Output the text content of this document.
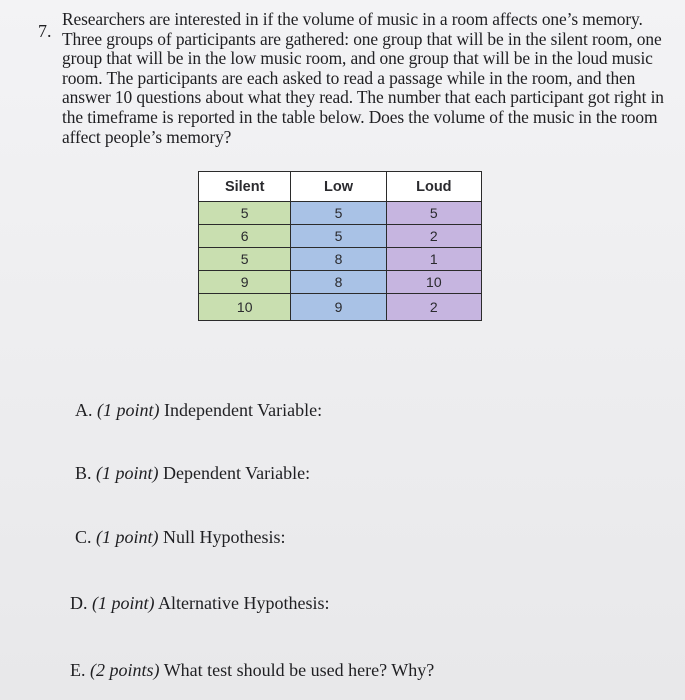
7.
Researchers are interested in if the volume of music in a room affects one’s memory.
Three groups of participants are gathered: one group that will be in the silent room, one
group that will be in the low music room, and one group that will be in the loud music
room. The participants are each asked to read a passage while in the room, and then
answer 10 questions about what they read. The number that each participant got right in
the timeframe is reported in the table below. Does the volume of the music in the room
affect people’s memory?
Silent	Low	Loud
5	5	5
6	5	2
5	8	1
9	8	10
10	9	2
A. (1 point) Independent Variable:
B. (1 point) Dependent Variable:
C. (1 point) Null Hypothesis:
D. (1 point) Alternative Hypothesis:
E. (2 points) What test should be used here? Why?
